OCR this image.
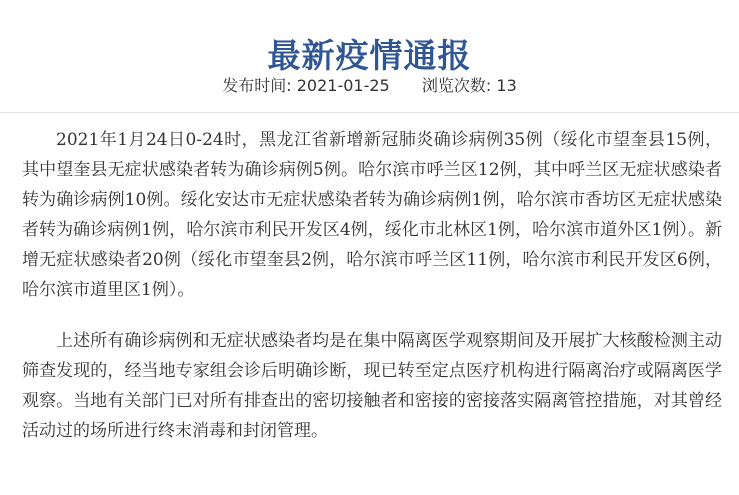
最新疫情通报
发布时间: 2021-01-25 浏览次数: 13

2021年1月24日0-24时，黑龙江省新增新冠肺炎确诊病例35例（绥化市望奎县15例，其中望奎县无症状感染者转为确诊病例5例。哈尔滨市呼兰区12例，其中呼兰区无症状感染者转为确诊病例10例。绥化安达市无症状感染者转为确诊病例1例，哈尔滨市香坊区无症状感染者转为确诊病例1例，哈尔滨市利民开发区4例，绥化市北林区1例，哈尔滨市道外区1例）。新增无症状感染者20例（绥化市望奎县2例，哈尔滨市呼兰区11例，哈尔滨市利民开发区6例，哈尔滨市道里区1例）。

上述所有确诊病例和无症状感染者均是在集中隔离医学观察期间及开展扩大核酸检测主动筛查发现的，经当地专家组会诊后明确诊断，现已转至定点医疗机构进行隔离治疗或隔离医学观察。当地有关部门已对所有排查出的密切接触者和密接的密接落实隔离管控措施，对其曾经活动过的场所进行终末消毒和封闭管理。
